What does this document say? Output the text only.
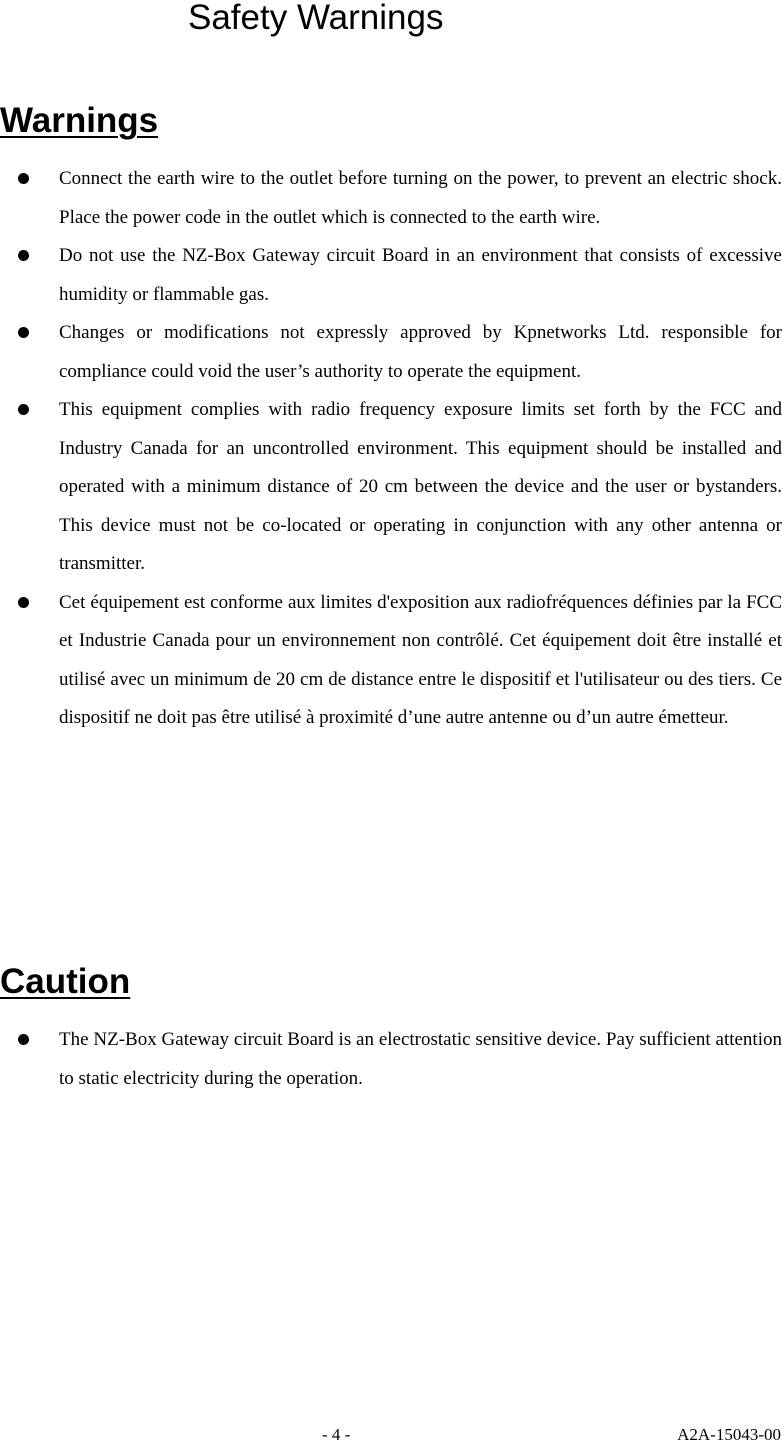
Safety Warnings
Warnings
Connect the earth wire to the outlet before turning on the power, to prevent an electric shock.　Place the power code in the outlet which is connected to the earth wire.
Do not use the NZ-Box Gateway circuit Board in an environment that consists of excessive humidity or flammable gas.
Changes or modifications not expressly approved by Kpnetworks Ltd. responsible for compliance could void the user’s authority to operate the equipment.
This equipment complies with radio frequency exposure limits set forth by the FCC and Industry Canada for an uncontrolled environment. This equipment should be installed and operated with a minimum distance of 20 cm between the device and the user or bystanders. This device must not be co-located or operating in conjunction with any other antenna or transmitter.
Cet équipement est conforme aux limites d'exposition aux radiofréquences définies par la FCC et Industrie Canada pour un environnement non contrôlé. Cet équipement doit être installé et utilisé avec un minimum de 20 cm de distance entre le dispositif et l'utilisateur ou des tiers. Ce dispositif ne doit pas être utilisé à proximité d’une autre antenne ou d’un autre émetteur.
Caution
The NZ-Box Gateway circuit Board is an electrostatic sensitive device. Pay sufficient attention to static electricity during the operation.
- 4 -	A2A-15043-00
